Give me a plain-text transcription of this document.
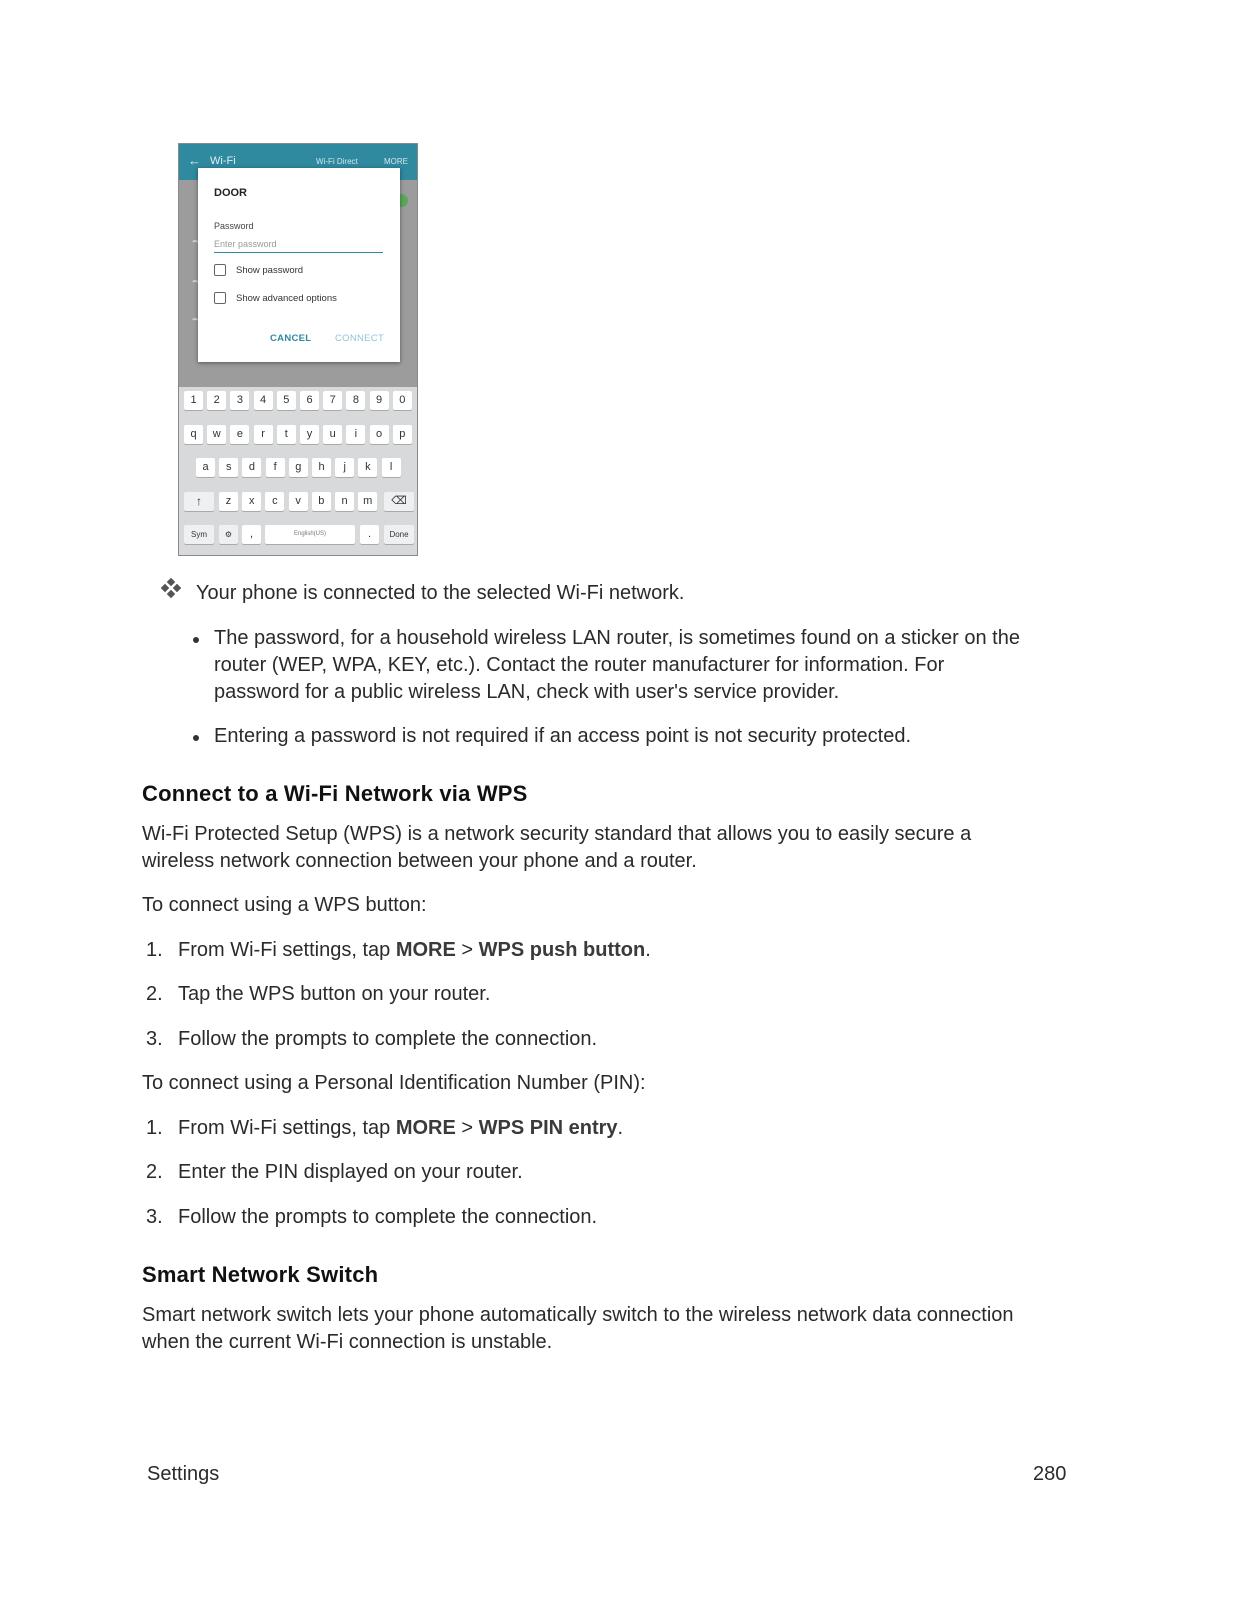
← Wi-Fi	Wi-Fi Direct	MORE
DOOR
Password
Enter password
Show password
Show advanced options
CANCEL CONNECT
1	2	3	4	5	6	7	8	9	0
q	w	e	r	t	y	u	i	o	p
a	s	d	f	g	h	j	k	l
↑	z	x	c	v	b	n	m	⌫
Sym	⚙	,	English(US)	.	Done
Your phone is connected to the selected Wi-Fi network.
The password, for a household wireless LAN router, is sometimes found on a sticker on the
router (WEP, WPA, KEY, etc.). Contact the router manufacturer for information. For
password for a public wireless LAN, check with user's service provider.
Entering a password is not required if an access point is not security protected.
Connect to a Wi-Fi Network via WPS
Wi-Fi Protected Setup (WPS) is a network security standard that allows you to easily secure a
wireless network connection between your phone and a router.
To connect using a WPS button:
1. From Wi-Fi settings, tap MORE > WPS push button.
2. Tap the WPS button on your router.
3. Follow the prompts to complete the connection.
To connect using a Personal Identification Number (PIN):
1. From Wi-Fi settings, tap MORE > WPS PIN entry.
2. Enter the PIN displayed on your router.
3. Follow the prompts to complete the connection.
Smart Network Switch
Smart network switch lets your phone automatically switch to the wireless network data connection
when the current Wi-Fi connection is unstable.
Settings	280
